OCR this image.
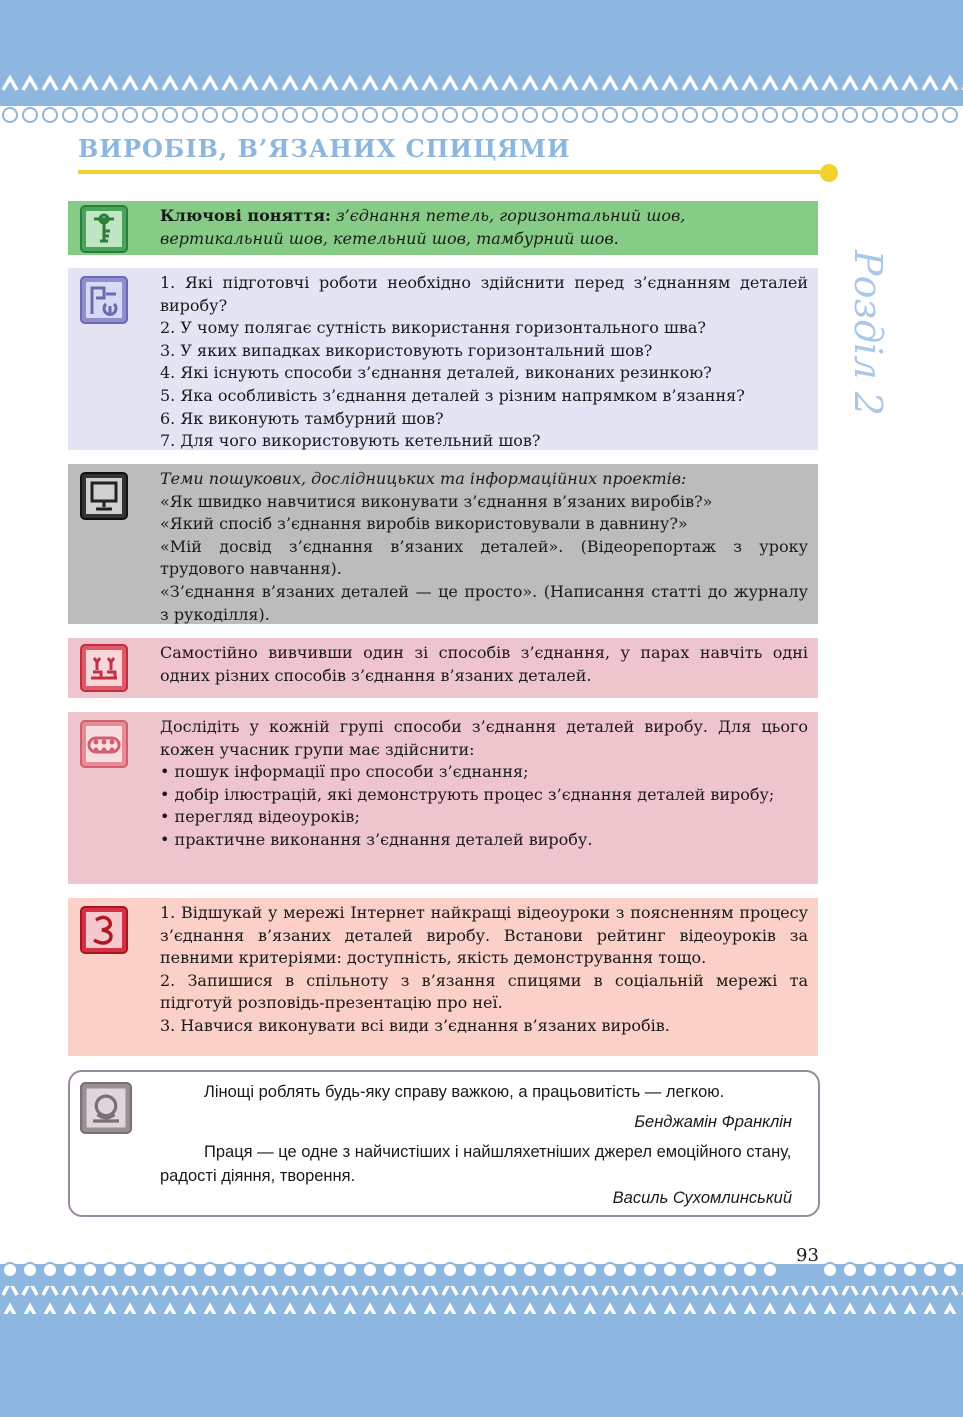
ВИРОБІВ, В’ЯЗАНИХ СПИЦЯМИ
Розділ 2

Ключові поняття: з’єднання петель, горизонтальний шов, вертикальний шов, кетельний шов, тамбурний шов.

1. Які підготовчі роботи необхідно здійснити перед з’єднанням деталей виробу?

2. У чому полягає сутність використання горизонтального шва?

3. У яких випадках використовують горизонтальний шов?

4. Які існують способи з’єднання деталей, виконаних резинкою?

5. Яка особливість з’єднання деталей з різним напрямком в’язання?

6. Як виконують тамбурний шов?

7. Для чого використовують кетельний шов?

Теми пошукових, дослідницьких та інформаційних проектів:

«Як швидко навчитися виконувати з’єднання в’язаних виробів?»

«Який спосіб з’єднання виробів використовували в давнину?»

«Мій досвід з’єднання в’язаних деталей». (Відеорепортаж з уроку трудового навчання).

«З’єднання в’язаних деталей — це просто». (Написання статті до журналу з рукоділля).

Самостійно вивчивши один зі способів з’єднання, у парах навчіть одні одних різних способів з’єднання в’язаних деталей.

Дослідіть у кожній групі способи з’єднання деталей виробу. Для цього кожен учасник групи має здійснити:

• пошук інформації про способи з’єднання;

• добір ілюстрацій, які демонструють процес з’єднання деталей виробу;

• перегляд відеоуроків;

• практичне виконання з’єднання деталей виробу.

1. Відшукай у мережі Інтернет найкращі відеоуроки з поясненням процесу з’єднання в’язаних деталей виробу. Встанови рейтинг відеоуроків за певними критеріями: доступність, якість демонстрування тощо.

2. Запишися в спільноту з в’язання спицями в соціальній мережі та підготуй розповідь-презентацію про неї.

3. Навчися виконувати всі види з’єднання в’язаних виробів.

Лінощі роблять будь-яку справу важкою, а працьовитість — легкою.
Бенджамін Франклін
Праця — це одне з найчистіших і найшляхетніших джерел емоційного стану, радості діяння, творення.
Василь Сухомлинський
93
